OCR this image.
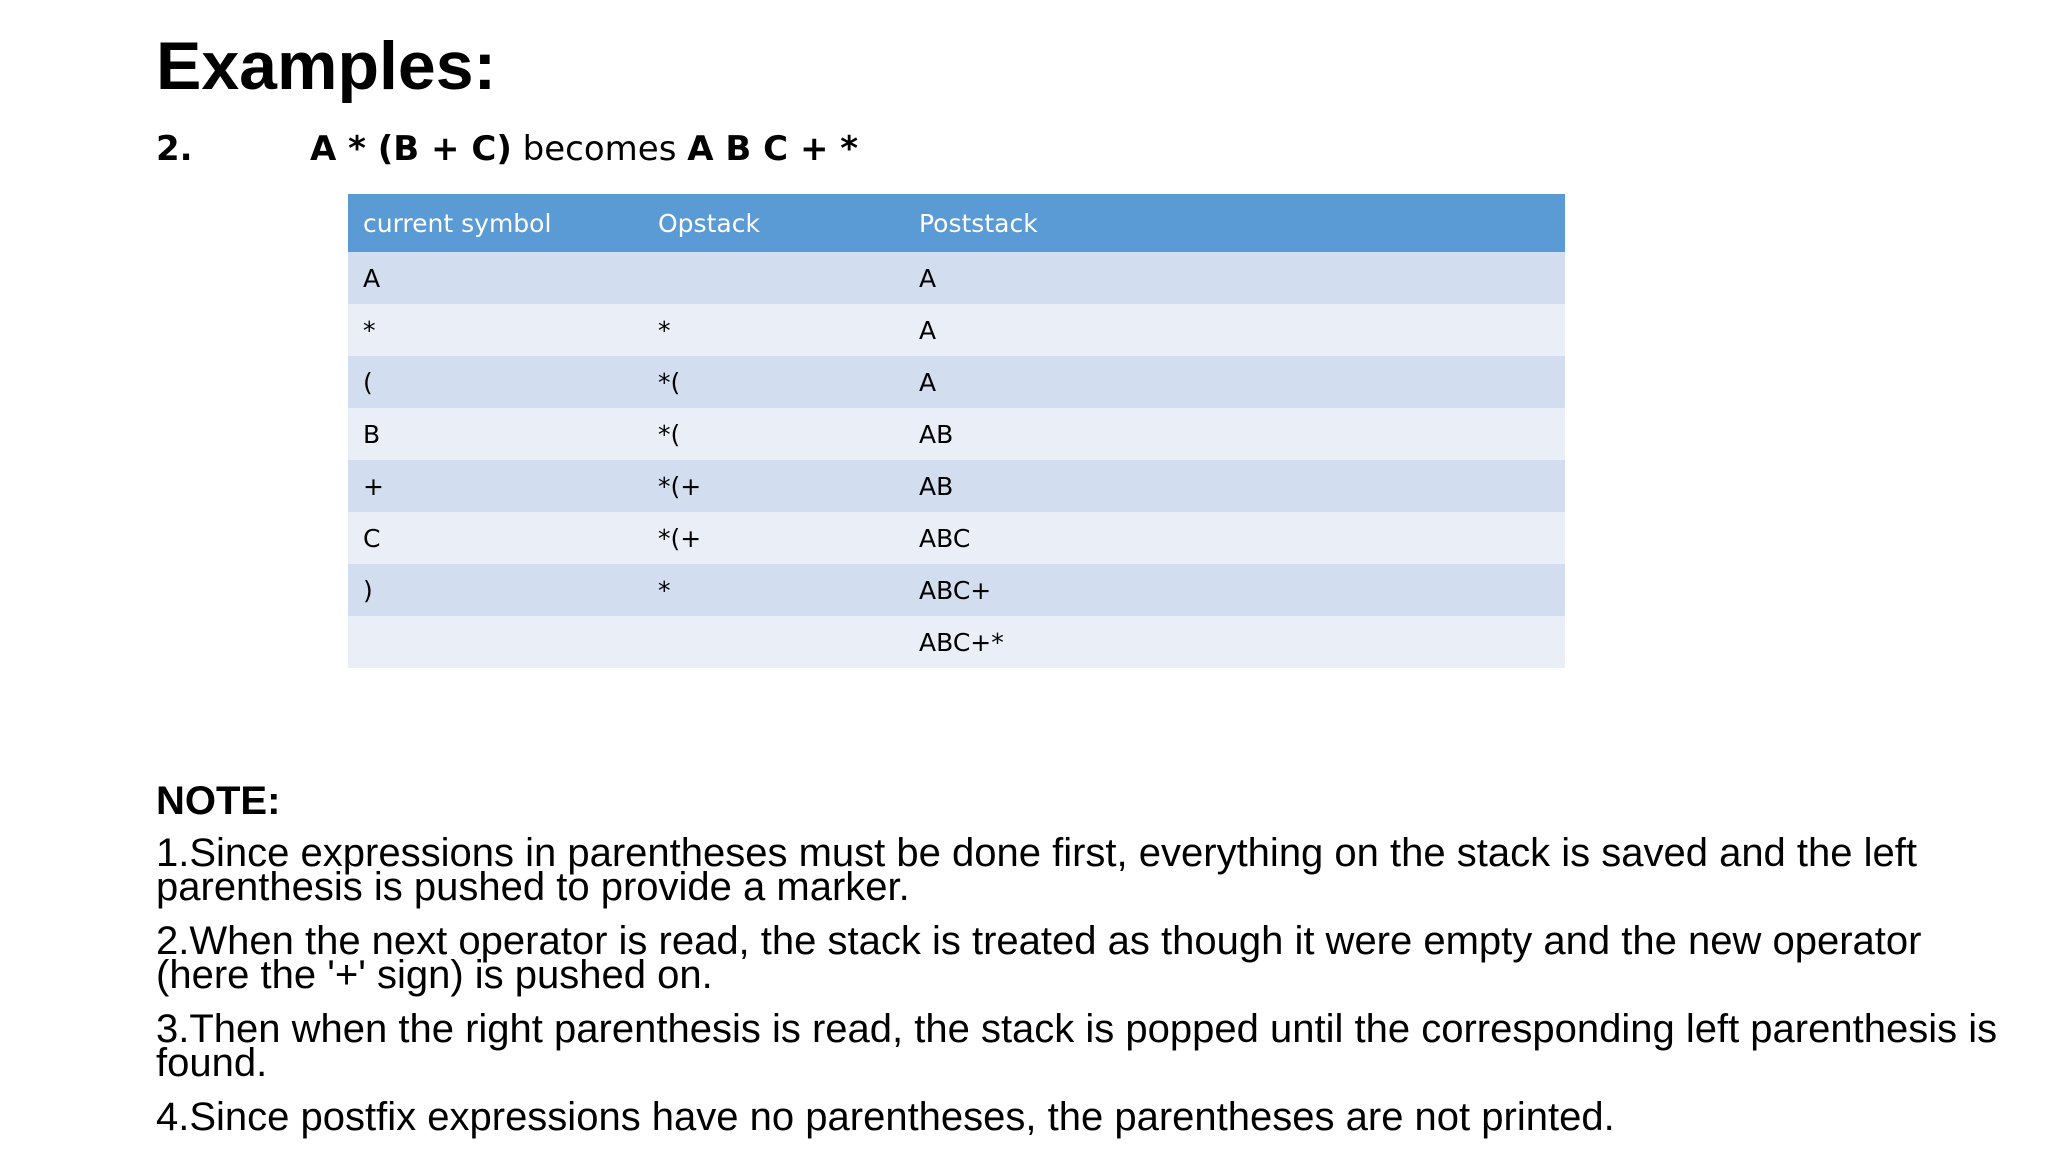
Examples:
2.	A * (B + C) becomes A B C + *
current symbol	Opstack	Poststack
A		A
*	*	A
(	*(	A
B	*(	AB
+	*(+	AB
C	*(+	ABC
)	*	ABC+
		ABC+*
NOTE:

1.Since expressions in parentheses must be done first, everything on the stack is saved and the left parenthesis is pushed to provide a marker.

2.When the next operator is read, the stack is treated as though it were empty and the new operator (here the '+' sign) is pushed on.

3.Then when the right parenthesis is read, the stack is popped until the corresponding left parenthesis is found.

4.Since postfix expressions have no parentheses, the parentheses are not printed.
